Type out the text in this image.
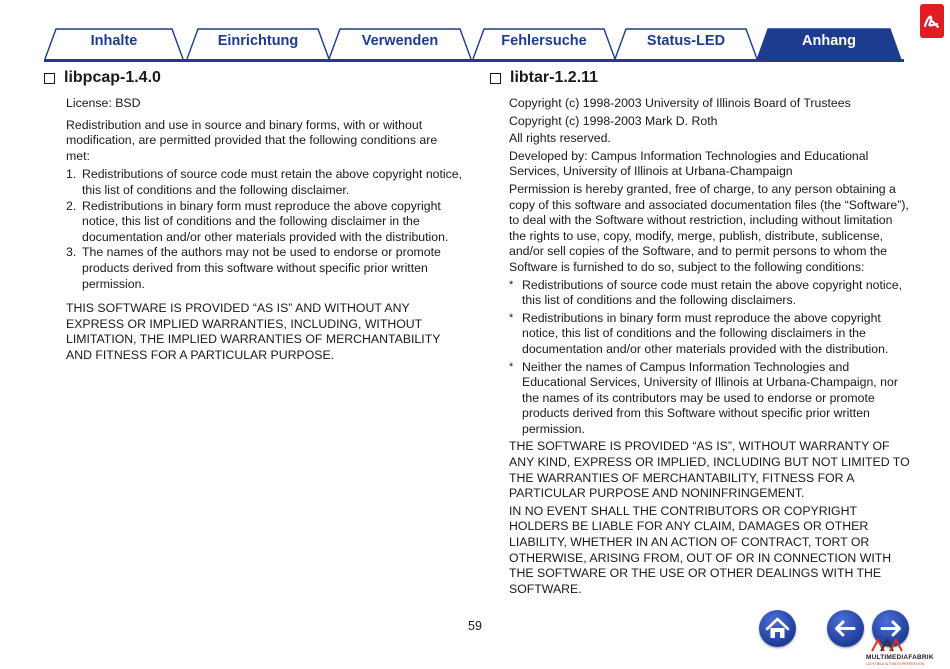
Inhalte	Einrichtung	Verwenden	Fehlersuche	Status-LED	Anhang
libpcap-1.4.0

License: BSD

Redistribution and use in source and binary forms, with or without modification, are permitted provided that the following conditions are met:

1. Redistributions of source code must retain the above copyright notice, this list of conditions and the following disclaimer.
2. Redistributions in binary form must reproduce the above copyright notice, this list of conditions and the following disclaimer in the documentation and/or other materials provided with the distribution.
3. The names of the authors may not be used to endorse or promote products derived from this software without specific prior written permission.

THIS SOFTWARE IS PROVIDED “AS IS” AND WITHOUT ANY EXPRESS OR IMPLIED WARRANTIES, INCLUDING, WITHOUT LIMITATION, THE IMPLIED WARRANTIES OF MERCHANTABILITY AND FITNESS FOR A PARTICULAR PURPOSE.

libtar-1.2.11

Copyright (c) 1998-2003 University of Illinois Board of Trustees

Copyright (c) 1998-2003 Mark D. Roth

All rights reserved.

Developed by: Campus Information Technologies and Educational Services, University of Illinois at Urbana-Champaign

Permission is hereby granted, free of charge, to any person obtaining a copy of this software and associated documentation files (the “Software”), to deal with the Software without restriction, including without limitation the rights to use, copy, modify, merge, publish, distribute, sublicense, and/or sell copies of the Software, and to permit persons to whom the Software is furnished to do so, subject to the following conditions:

* Redistributions of source code must retain the above copyright notice, this list of conditions and the following disclaimers.
* Redistributions in binary form must reproduce the above copyright notice, this list of conditions and the following disclaimers in the documentation and/or other materials provided with the distribution.
* Neither the names of Campus Information Technologies and Educational Services, University of Illinois at Urbana-Champaign, nor the names of its contributors may be used to endorse or promote products derived from this Software without specific prior written permission.

THE SOFTWARE IS PROVIDED “AS IS”, WITHOUT WARRANTY OF ANY KIND, EXPRESS OR IMPLIED, INCLUDING BUT NOT LIMITED TO THE WARRANTIES OF MERCHANTABILITY, FITNESS FOR A PARTICULAR PURPOSE AND NONINFRINGEMENT.

IN NO EVENT SHALL THE CONTRIBUTORS OR COPYRIGHT HOLDERS BE LIABLE FOR ANY CLAIM, DAMAGES OR OTHER LIABILITY, WHETHER IN AN ACTION OF CONTRACT, TORT OR OTHERWISE, ARISING FROM, OUT OF OR IN CONNECTION WITH THE SOFTWARE OR THE USE OR OTHER DEALINGS WITH THE SOFTWARE.

59
MULTIMEDIAFABRIK
LICHT BILD & TON IN PERFEKTION
